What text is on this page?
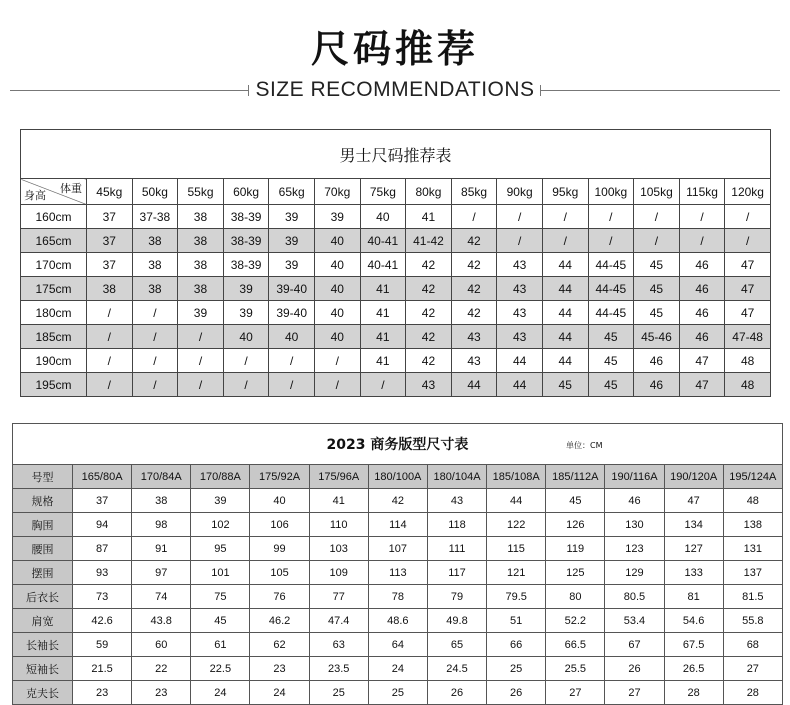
尺码推荐
SIZE RECOMMENDATIONS
男士尺码推荐表															

体重
身高	45kg	50kg	55kg	60kg	65kg	70kg	75kg	80kg	85kg	90kg	95kg	100kg	105kg	115kg	120kg
160cm	37	37-38	38	38-39	39	39	40	41	/	/	/	/	/	/	/
165cm	37	38	38	38-39	39	40	40-41	41-42	42	/	/	/	/	/	/
170cm	37	38	38	38-39	39	40	40-41	42	42	43	44	44-45	45	46	47
175cm	38	38	38	39	39-40	40	41	42	42	43	44	44-45	45	46	47
180cm	/	/	39	39	39-40	40	41	42	42	43	44	44-45	45	46	47
185cm	/	/	/	40	40	40	41	42	43	43	44	45	45-46	46	47-48
190cm	/	/	/	/	/	/	41	42	43	44	44	45	46	47	48
195cm	/	/	/	/	/	/	/	43	44	44	45	45	46	47	48
2023 商务版型尺寸表 单位：CM												

号型	165/80A	170/84A	170/88A	175/92A	175/96A	180/100A	180/104A	185/108A	185/112A	190/116A	190/120A	195/124A
规格	37	38	39	40	41	42	43	44	45	46	47	48
胸围	94	98	102	106	110	114	118	122	126	130	134	138
腰围	87	91	95	99	103	107	111	115	119	123	127	131
摆围	93	97	101	105	109	113	117	121	125	129	133	137
后衣长	73	74	75	76	77	78	79	79.5	80	80.5	81	81.5
肩宽	42.6	43.8	45	46.2	47.4	48.6	49.8	51	52.2	53.4	54.6	55.8
长袖长	59	60	61	62	63	64	65	66	66.5	67	67.5	68
短袖长	21.5	22	22.5	23	23.5	24	24.5	25	25.5	26	26.5	27
克夫长	23	23	24	24	25	25	26	26	27	27	28	28
